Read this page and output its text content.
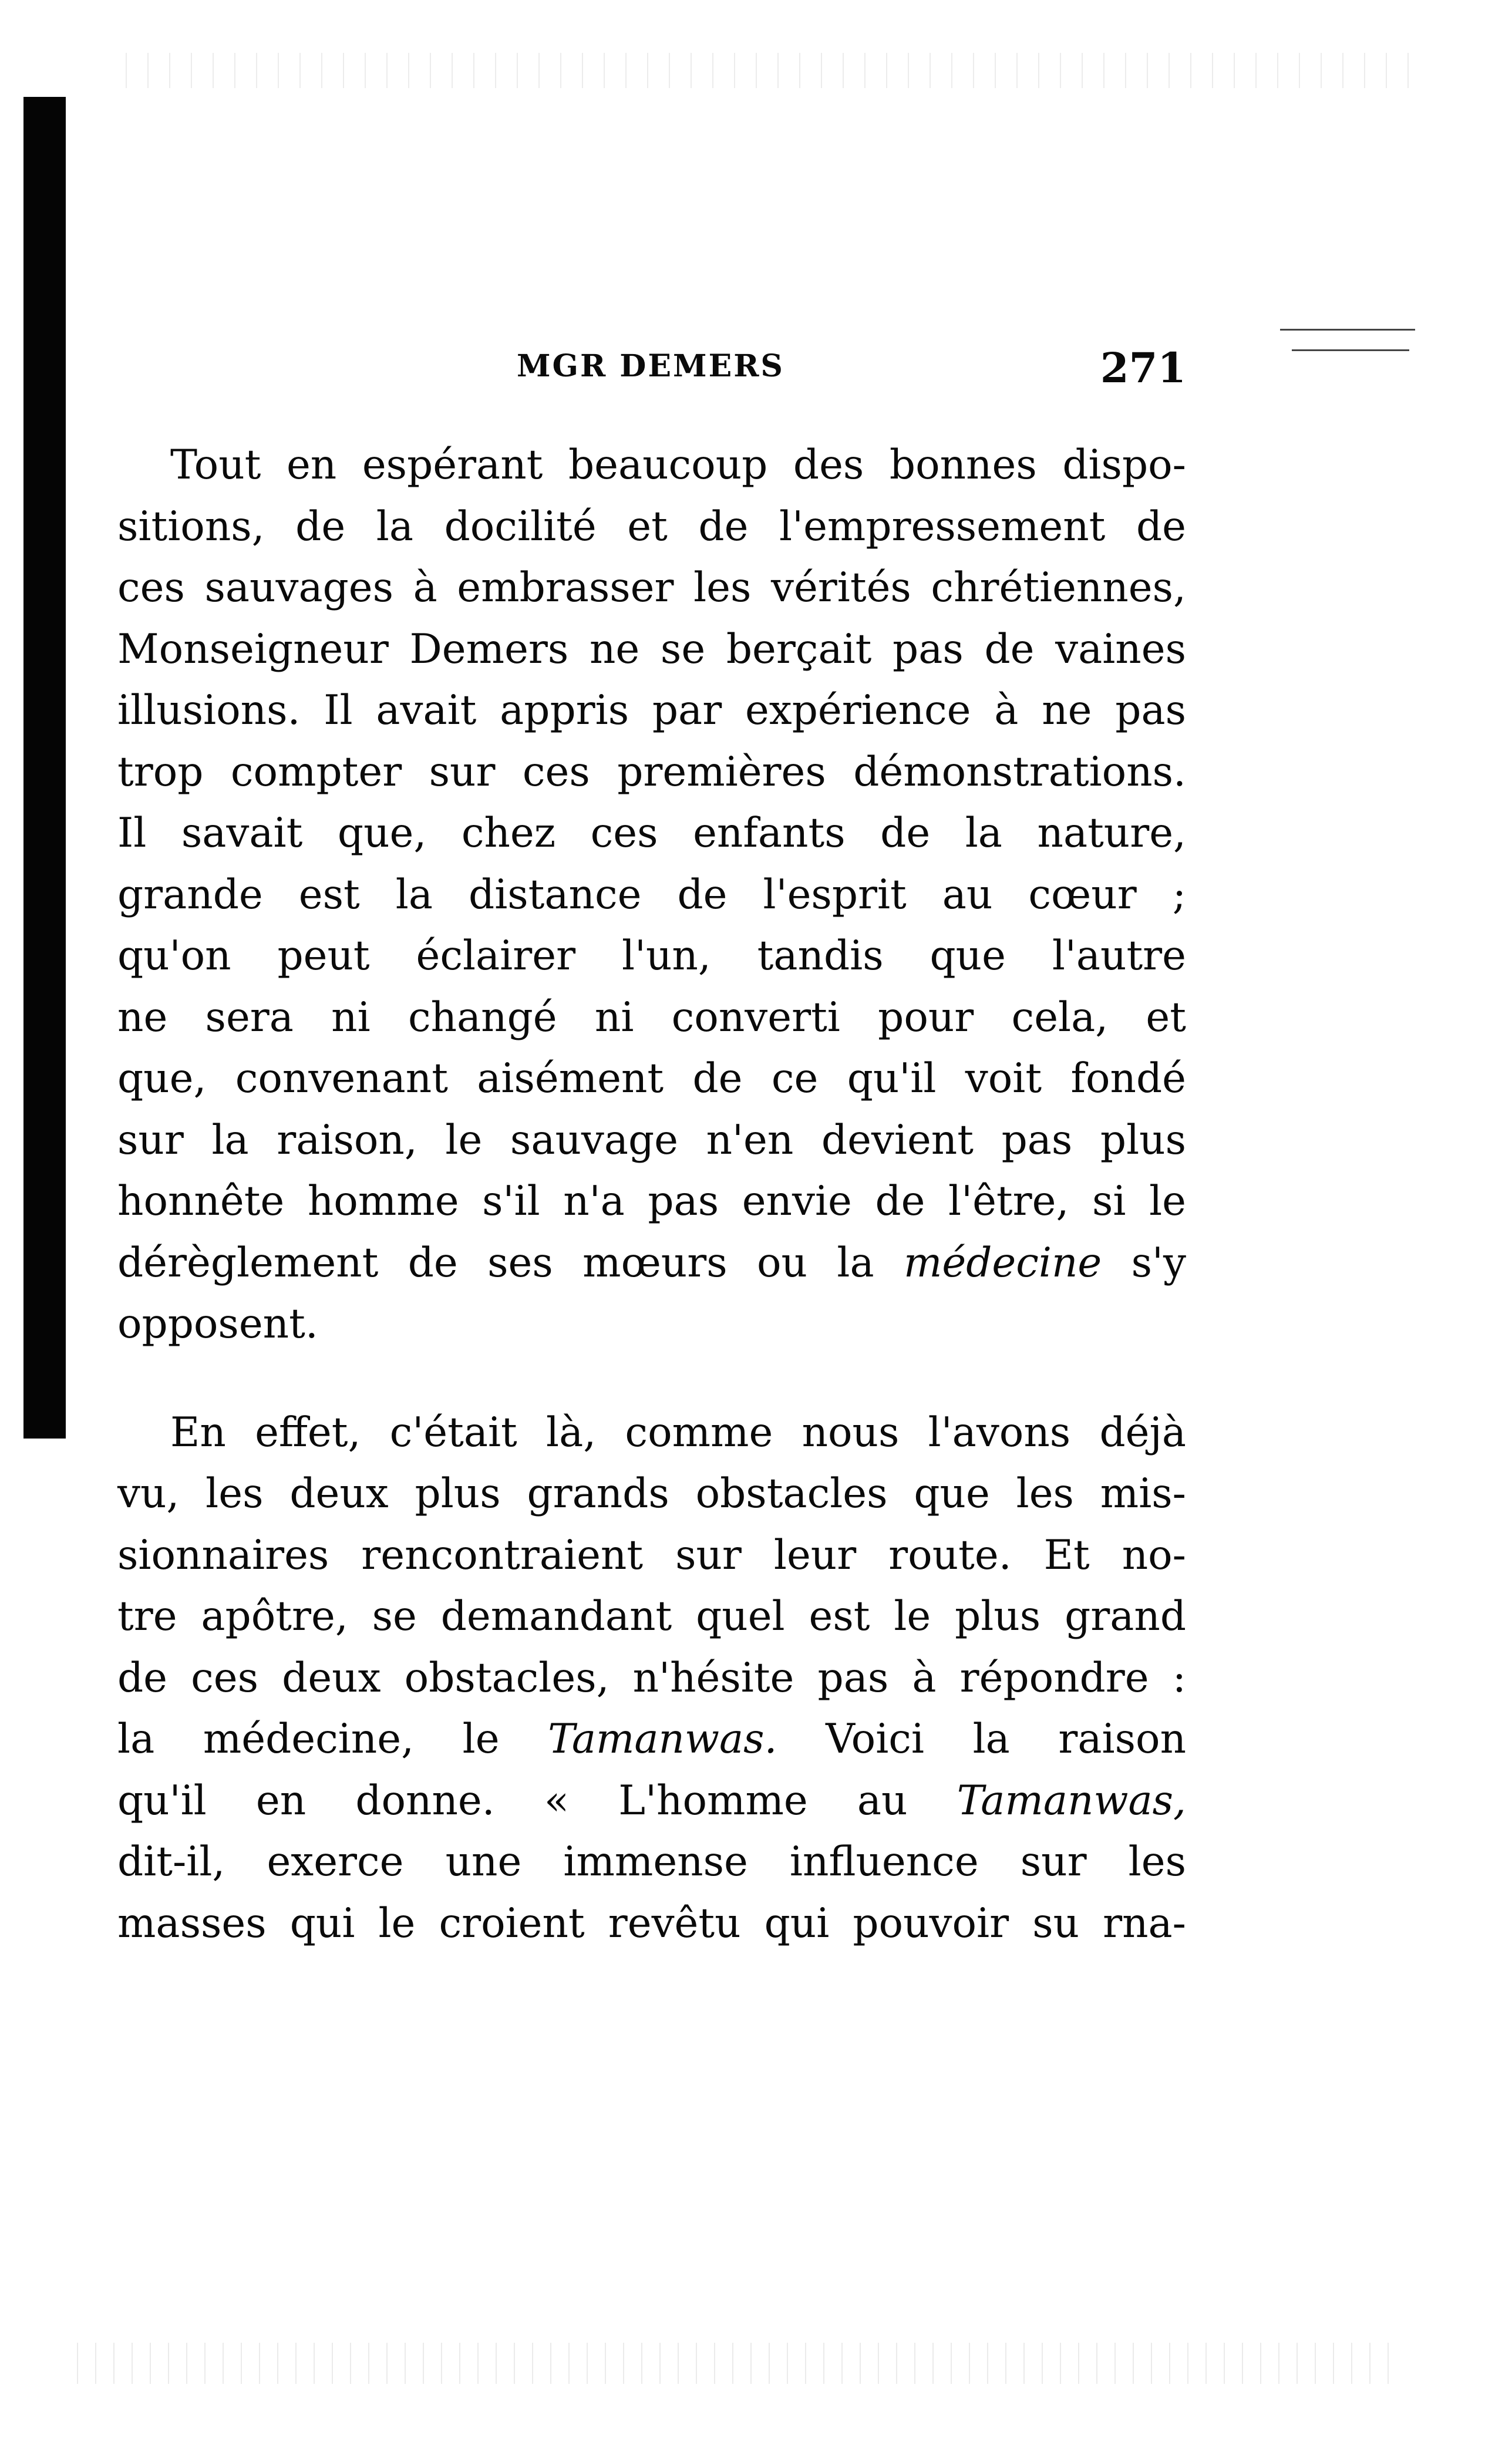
MGR DEMERS	271
Tout en espérant beaucoup des bonnes dispo-
sitions, de la docilité et de l'empressement de
ces sauvages à embrasser les vérités chrétiennes,
Monseigneur Demers ne se berçait pas de vaines
illusions. Il avait appris par expérience à ne pas
trop compter sur ces premières démonstrations.
Il savait que, chez ces enfants de la nature,
grande est la distance de l'esprit au cœur ;
qu'on peut éclairer l'un, tandis que l'autre
ne sera ni changé ni converti pour cela, et
que, convenant aisément de ce qu'il voit fondé
sur la raison, le sauvage n'en devient pas plus
honnête homme s'il n'a pas envie de l'être, si le
dérèglement de ses mœurs ou la médecine s'y
opposent.
En effet, c'était là, comme nous l'avons déjà
vu, les deux plus grands obstacles que les mis-
sionnaires rencontraient sur leur route. Et no-
tre apôtre, se demandant quel est le plus grand
de ces deux obstacles, n'hésite pas à répondre :
la médecine, le Tamanwas. Voici la raison
qu'il en donne. « L'homme au Tamanwas,
dit-il, exerce une immense influence sur les
masses qui le croient revêtu qui pouvoir su rna-
